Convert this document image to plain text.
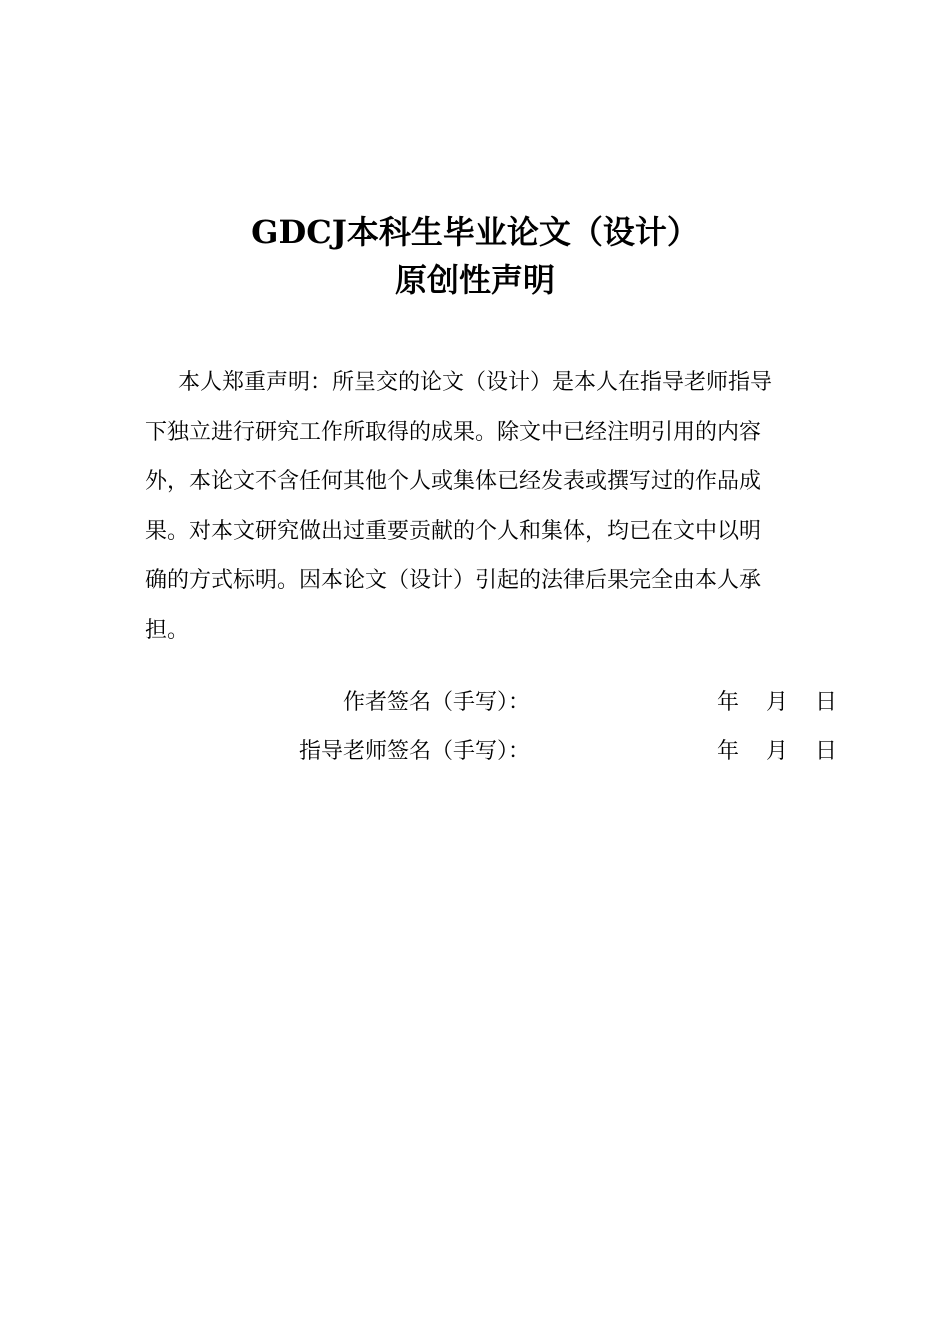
GDCJ本科生毕业论文（设计）
原创性声明
本人郑重声明：所呈交的论文（设计）是本人在指导老师指导
下独立进行研究工作所取得的成果。除文中已经注明引用的内容
外，本论文不含任何其他个人或集体已经发表或撰写过的作品成
果。对本文研究做出过重要贡献的个人和集体，均已在文中以明
确的方式标明。因本论文（设计）引起的法律后果完全由本人承
担。
作者签名（手写）：	年 月 日
指导老师签名（手写）：	年 月 日
